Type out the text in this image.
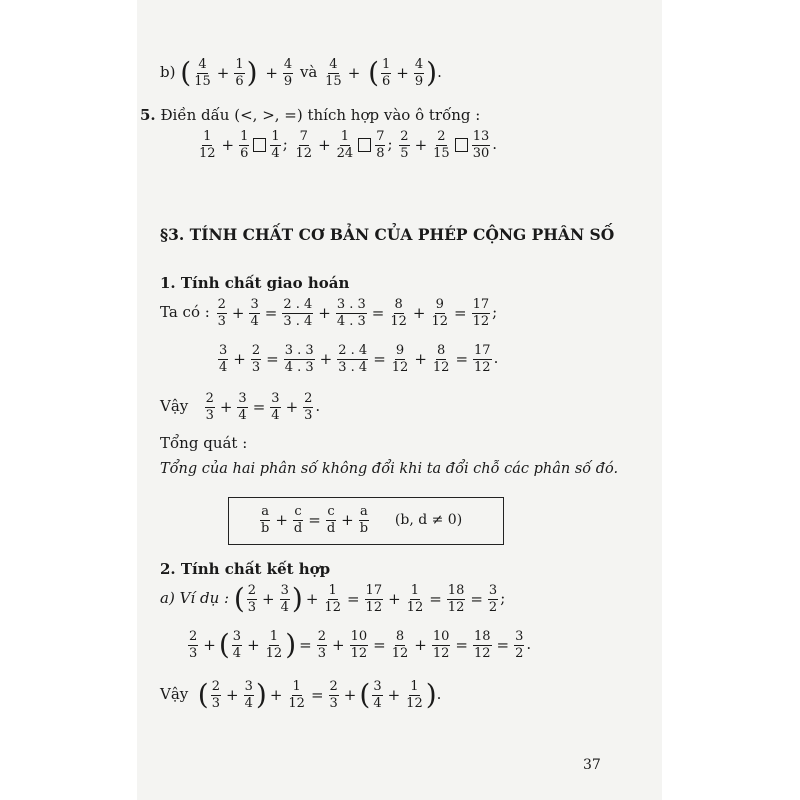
b) ( $\frac{4}{15} + \frac{1}{6}$ ) + $\frac{4}{9}$ và $\frac{4}{15}$ + ( $\frac{1}{6} + \frac{4}{9}$ ).
5. Điền dấu (<, >, =) thích hợp vào ô trống :
$\frac{1}{12} + \frac{1}{6} \frac{1}{4}$ ; $\frac{7}{12} + \frac{1}{24} \frac{7}{8}$ ; $\frac{2}{5} + \frac{2}{15} \frac{13}{30}$ .
§3. TÍNH CHẤT CƠ BẢN CỦA PHÉP CỘNG PHÂN SỐ
1. Tính chất giao hoán
Ta có : $\frac{2}{3} + \frac{3}{4} = \frac{2 . 4}{3 . 4} + \frac{3 . 3}{4 . 3} = \frac{8}{12} + \frac{9}{12} = \frac{17}{12}$ ;
$\frac{3}{4} + \frac{2}{3} = \frac{3 . 3}{4 . 3} + \frac{2 . 4}{3 . 4} = \frac{9}{12} + \frac{8}{12} = \frac{17}{12}$ .
Vậy $\frac{2}{3} + \frac{3}{4} = \frac{3}{4} + \frac{2}{3}$ .
Tổng quát :
Tổng của hai phân số không đổi khi ta đổi chỗ các phân số đó.
$\frac{a}{b} + \frac{c}{d} = \frac{c}{d} + \frac{a}{b} (b$, d ≠ 0)
2. Tính chất kết hợp
a) Ví dụ : ( $\frac{2}{3} + \frac{3}{4}$ ) + $\frac{1}{12} = \frac{17}{12} + \frac{1}{12} = \frac{18}{12} = \frac{3}{2}$ ;
$\frac{2}{3}$ + ( $\frac{3}{4} + \frac{1}{12}$ ) = $\frac{2}{3} + \frac{10}{12} = \frac{8}{12} + \frac{10}{12} = \frac{18}{12} = \frac{3}{2}$ .
Vậy ( $\frac{2}{3} + \frac{3}{4}$ ) + $\frac{1}{12} = \frac{2}{3}$ + ( $\frac{3}{4} + \frac{1}{12}$ ).
37
